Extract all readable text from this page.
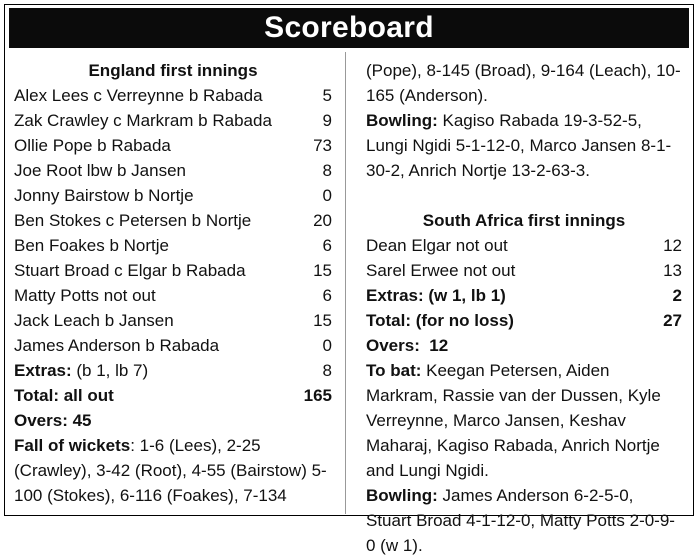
Scoreboard
England first innings
Alex Lees c Verreynne b Rabada	5
Zak Crawley c Markram b Rabada	9
Ollie Pope b Rabada	73
Joe Root lbw b Jansen	8
Jonny Bairstow b Nortje	0
Ben Stokes c Petersen b Nortje	20
Ben Foakes b Nortje	6
Stuart Broad c Elgar b Rabada	15
Matty Potts not out	6
Jack Leach b Jansen	15
James Anderson b Rabada	0
Extras: (b 1, lb 7)	8
Total: all out	165
Overs: 45
Fall of wickets: 1-6 (Lees), 2-25 (Crawley), 3-42 (Root), 4-55 (Bairstow) 5-100 (Stokes), 6-116 (Foakes), 7-134
(Pope), 8-145 (Broad), 9-164 (Leach), 10-165 (Anderson).
Bowling: Kagiso Rabada 19-3-52-5, Lungi Ngidi 5-1-12-0, Marco Jansen 8-1-30-2, Anrich Nortje 13-2-63-3.
South Africa first innings
Dean Elgar not out	12
Sarel Erwee not out	13
Extras: (w 1, lb 1)	2
Total: (for no loss)	27
Overs:  12
To bat: Keegan Petersen, Aiden Markram, Rassie van der Dussen, Kyle Verreynne, Marco Jansen, Keshav Maharaj, Kagiso Rabada, Anrich Nortje and Lungi Ngidi.
Bowling: James Anderson 6-2-5-0, Stuart Broad 4-1-12-0, Matty Potts 2-0-9-0 (w 1).
